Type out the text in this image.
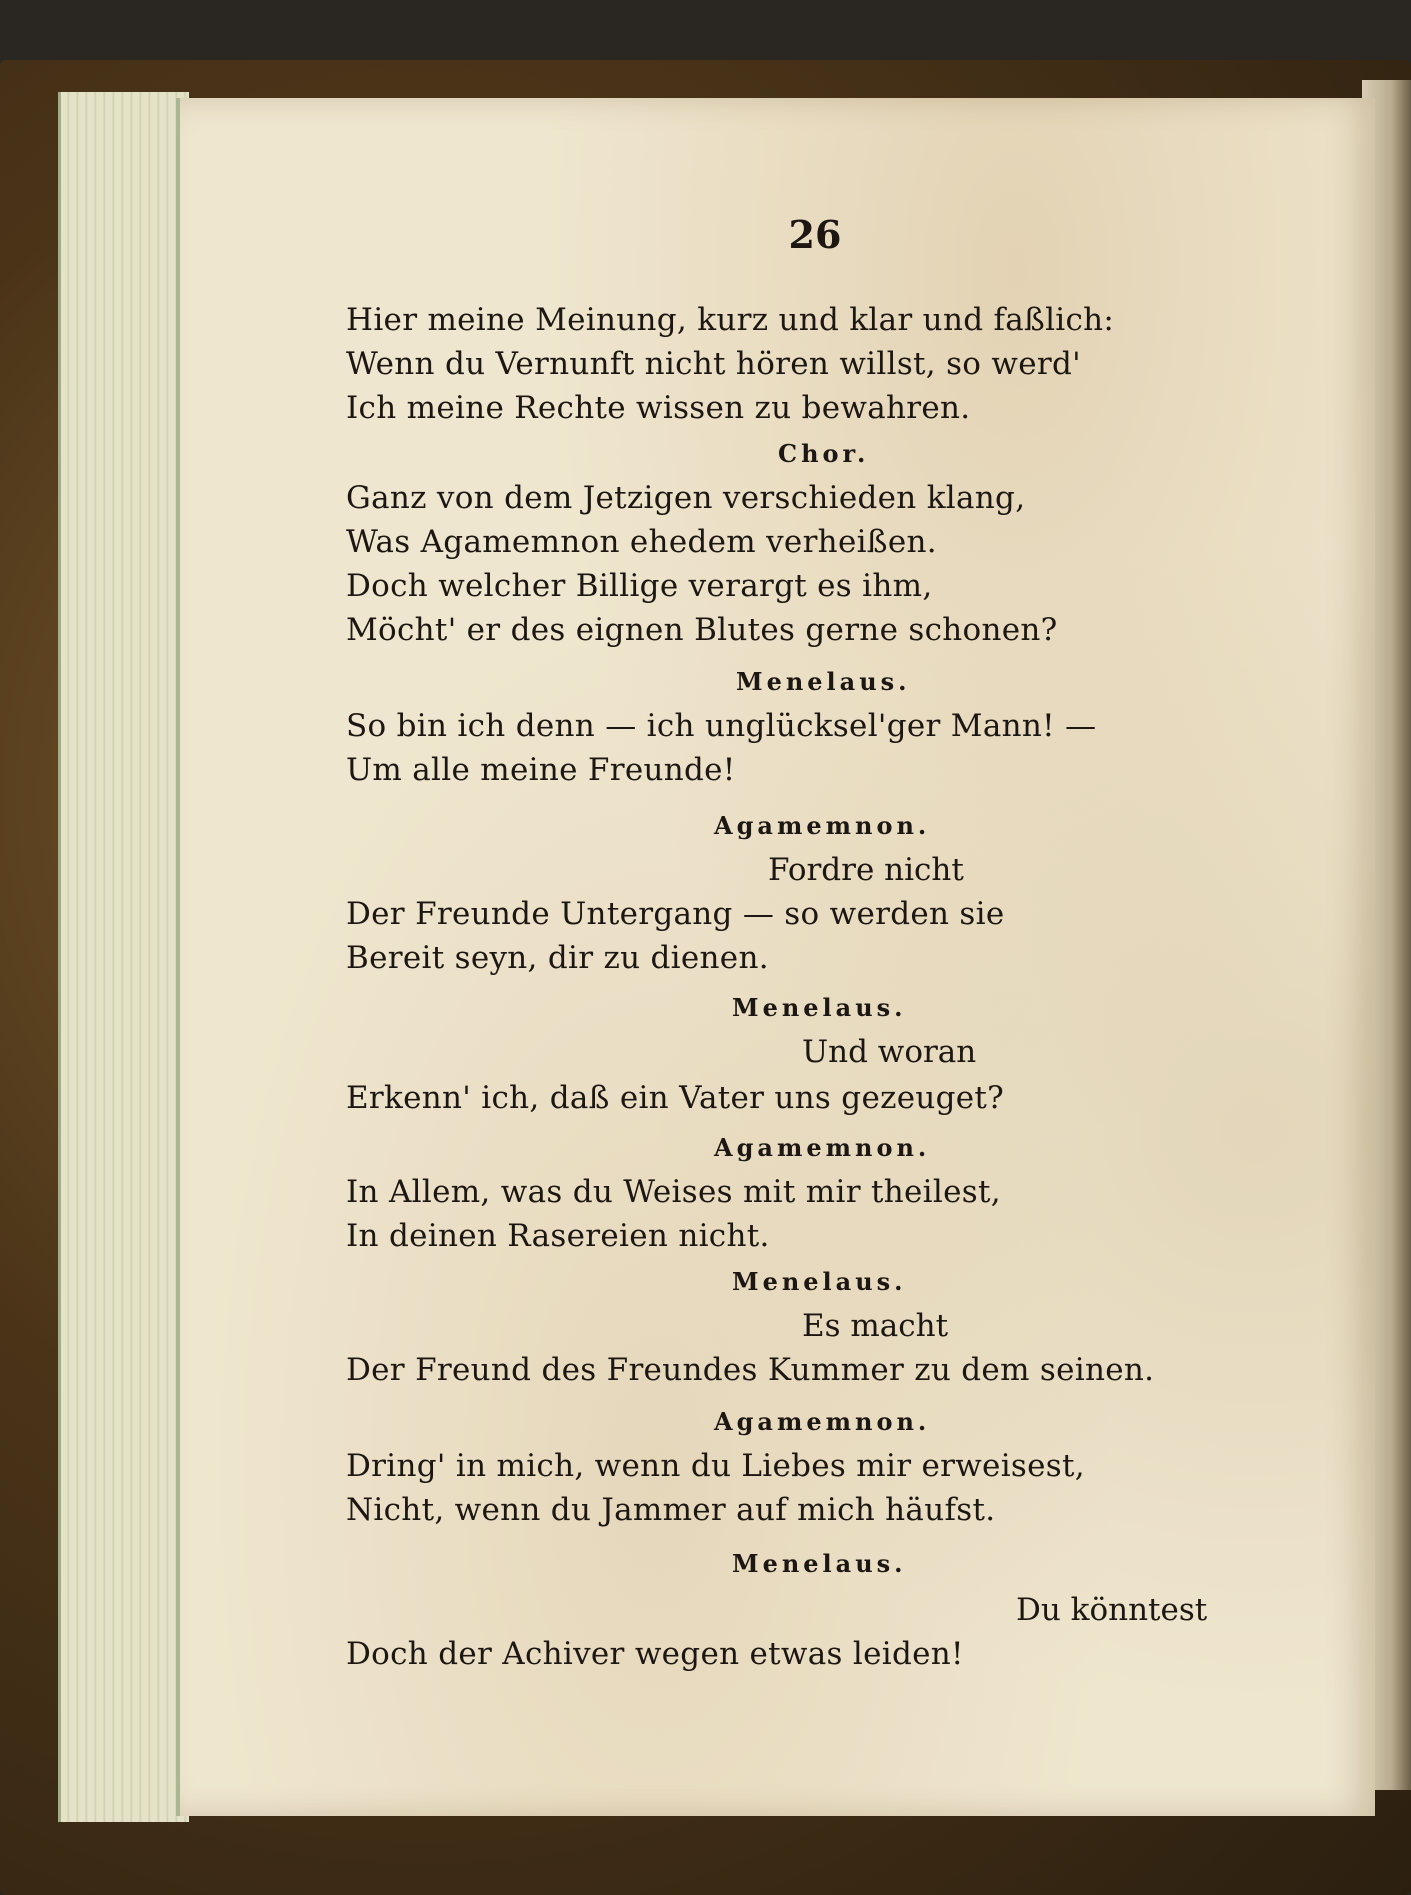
26
Hier meine Meinung, kurz und klar und faßlich:
Wenn du Vernunft nicht hören willst, so werd'
Ich meine Rechte wissen zu bewahren.
Chor.
Ganz von dem Jetzigen verschieden klang,
Was Agamemnon ehedem verheißen.
Doch welcher Billige verargt es ihm,
Möcht' er des eignen Blutes gerne schonen?
Menelaus.
So bin ich denn — ich unglücksel'ger Mann! —
Um alle meine Freunde!
Agamemnon.
Fordre nicht
Der Freunde Untergang — so werden sie
Bereit seyn, dir zu dienen.
Menelaus.
Und woran
Erkenn' ich, daß ein Vater uns gezeuget?
Agamemnon.
In Allem, was du Weises mit mir theilest,
In deinen Rasereien nicht.
Menelaus.
Es macht
Der Freund des Freundes Kummer zu dem seinen.
Agamemnon.
Dring' in mich, wenn du Liebes mir erweisest,
Nicht, wenn du Jammer auf mich häufst.
Menelaus.
Du könntest
Doch der Achiver wegen etwas leiden!
